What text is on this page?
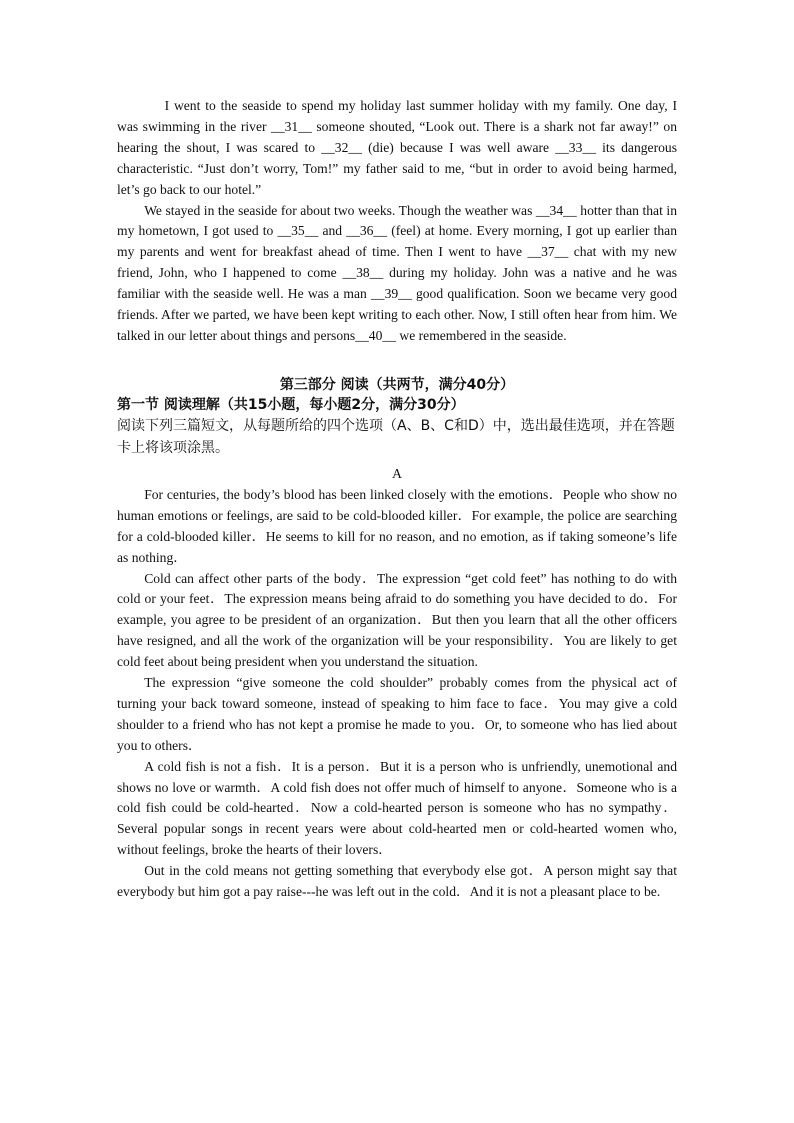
I went to the seaside to spend my holiday last summer holiday with my family. One day, I was swimming in the river __31__ someone shouted, “Look out. There is a shark not far away!” on hearing the shout, I was scared to __32__ (die) because I was well aware __33__ its dangerous characteristic. “Just don’t worry, Tom!” my father said to me, “but in order to avoid being harmed, let’s go back to our hotel.”

We stayed in the seaside for about two weeks. Though the weather was __34__ hotter than that in my hometown, I got used to __35__ and __36__ (feel) at home. Every morning, I got up earlier than my parents and went for breakfast ahead of time. Then I went to have __37__ chat with my new friend, John, who I happened to come __38__ during my holiday. John was a native and he was familiar with the seaside well. He was a man __39__ good qualification. Soon we became very good friends. After we parted, we have been kept writing to each other. Now, I still often hear from him. We talked in our letter about things and persons__40__ we remembered in the seaside.

第三部分 阅读（共两节，满分40分）

第一节 阅读理解（共15小题，每小题2分，满分30分）

阅读下列三篇短文，从每题所给的四个选项（A、B、C和D）中，选出最佳选项，并在答题卡上将该项涂黑。

A

For centuries, the body’s blood has been linked closely with the emotions．People who show no human emotions or feelings, are said to be cold-blooded killer．For example, the police are searching for a cold-blooded killer．He seems to kill for no reason, and no emotion, as if taking someone’s life as nothing．

Cold can affect other parts of the body．The expression “get cold feet” has nothing to do with cold or your feet．The expression means being afraid to do something you have decided to do．For example, you agree to be president of an organization．But then you learn that all the other officers have resigned, and all the work of the organization will be your responsibility．You are likely to get cold feet about being president when you understand the situation.

The expression “give someone the cold shoulder” probably comes from the physical act of turning your back toward someone, instead of speaking to him face to face．You may give a cold shoulder to a friend who has not kept a promise he made to you．Or, to someone who has lied about you to others．

A cold fish is not a fish．It is a person．But it is a person who is unfriendly, unemotional and shows no love or warmth．A cold fish does not offer much of himself to anyone．Someone who is a cold fish could be cold-hearted．Now a cold-hearted person is someone who has no sympathy．Several popular songs in recent years were about cold-hearted men or cold-hearted women who, without feelings, broke the hearts of their lovers．

Out in the cold means not getting something that everybody else got．A person might say that everybody but him got a pay raise---he was left out in the cold．And it is not a pleasant place to be.
